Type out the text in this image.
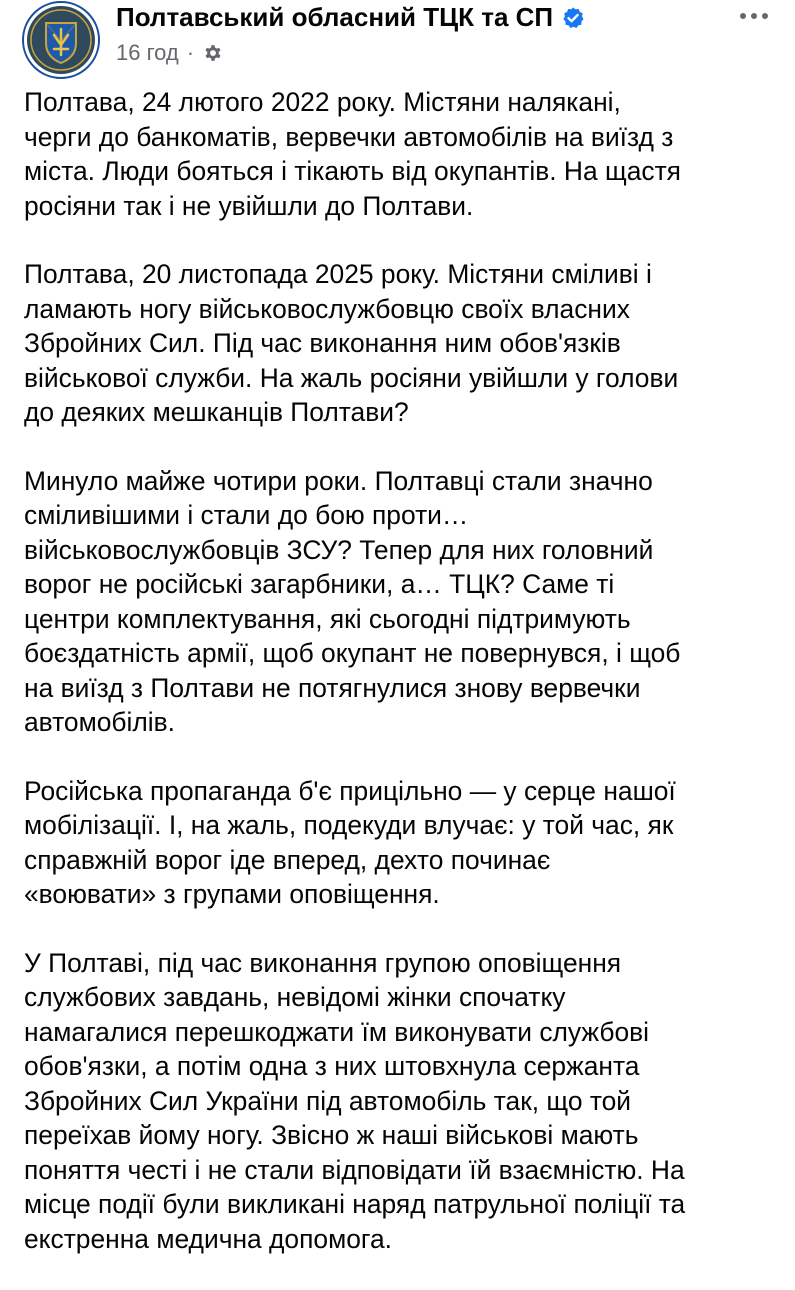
Полтавський обласний ТЦК та СП
16 год ·

Полтава, 24 лютого 2022 року. Містяни налякані,
черги до банкоматів, вервечки автомобілів на виїзд з
міста. Люди бояться і тікають від окупантів. На щастя
росіяни так і не увійшли до Полтави.

Полтава, 20 листопада 2025 року. Містяни сміливі і
ламають ногу військовослужбовцю своїх власних
Збройних Сил. Під час виконання ним обов'язків
військової служби. На жаль росіяни увійшли у голови
до деяких мешканців Полтави?

Минуло майже чотири роки. Полтавці стали значно
сміливішими і стали до бою проти…
військовослужбовців ЗСУ? Тепер для них головний
ворог не російські загарбники, а… ТЦК? Саме ті
центри комплектування, які сьогодні підтримують
боєздатність армії, щоб окупант не повернувся, і щоб
на виїзд з Полтави не потягнулися знову вервечки
автомобілів.

Російська пропаганда б'є прицільно — у серце нашої
мобілізації. І, на жаль, подекуди влучає: у той час, як
справжній ворог іде вперед, дехто починає
«воювати» з групами оповіщення.

У Полтаві, під час виконання групою оповіщення
службових завдань, невідомі жінки спочатку
намагалися перешкоджати їм виконувати службові
обов'язки, а потім одна з них штовхнула сержанта
Збройних Сил України під автомобіль так, що той
переїхав йому ногу. Звісно ж наші військові мають
поняття честі і не стали відповідати їй взаємністю. На
місце події були викликані наряд патрульної поліції та
екстренна медична допомога.
